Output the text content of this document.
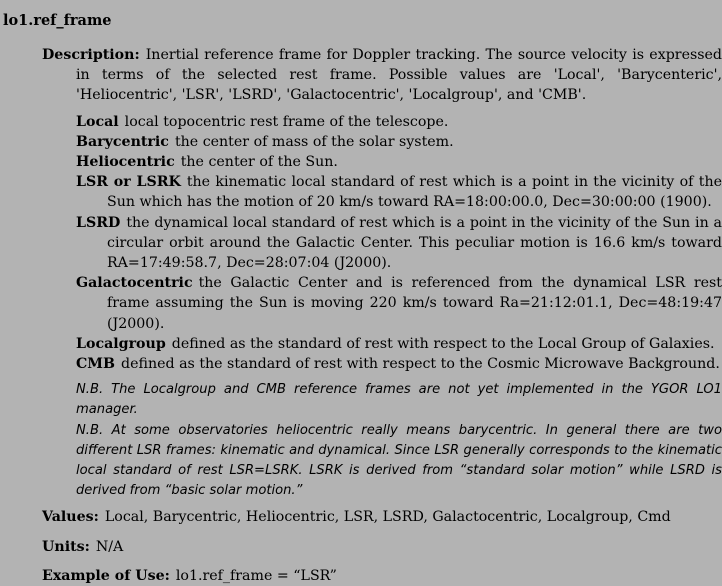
lo1.ref_frame

Description: Inertial reference frame for Doppler tracking. The source velocity is expressed in terms of the selected rest frame. Possible values are 'Local', 'Barycenteric', 'Heliocentric', 'LSR', 'LSRD', 'Galactocentric', 'Localgroup', and 'CMB'.

Local local topocentric rest frame of the telescope.

Barycentric the center of mass of the solar system.

Heliocentric the center of the Sun.

LSR or LSRK the kinematic local standard of rest which is a point in the vicinity of the Sun which has the motion of 20 km/s toward RA=18:00:00.0, Dec=30:00:00 (1900).

LSRD the dynamical local standard of rest which is a point in the vicinity of the Sun in a circular orbit around the Galactic Center. This peculiar motion is 16.6 km/s toward RA=17:49:58.7, Dec=28:07:04 (J2000).

Galactocentric the Galactic Center and is referenced from the dynamical LSR rest frame assuming the Sun is moving 220 km/s toward Ra=21:12:01.1, Dec=48:19:47 (J2000).

Localgroup defined as the standard of rest with respect to the Local Group of Galaxies.

CMB defined as the standard of rest with respect to the Cosmic Microwave Background.

N.B. The Localgroup and CMB reference frames are not yet implemented in the YGOR LO1 manager.

N.B. At some observatories heliocentric really means barycentric. In general there are two different LSR frames: kinematic and dynamical. Since LSR generally corresponds to the kinematic local standard of rest LSR=LSRK. LSRK is derived from “standard solar motion” while LSRD is derived from “basic solar motion.”

Values: Local, Barycentric, Heliocentric, LSR, LSRD, Galactocentric, Localgroup, Cmd

Units: N/A

Example of Use: lo1.ref_frame = “LSR”
